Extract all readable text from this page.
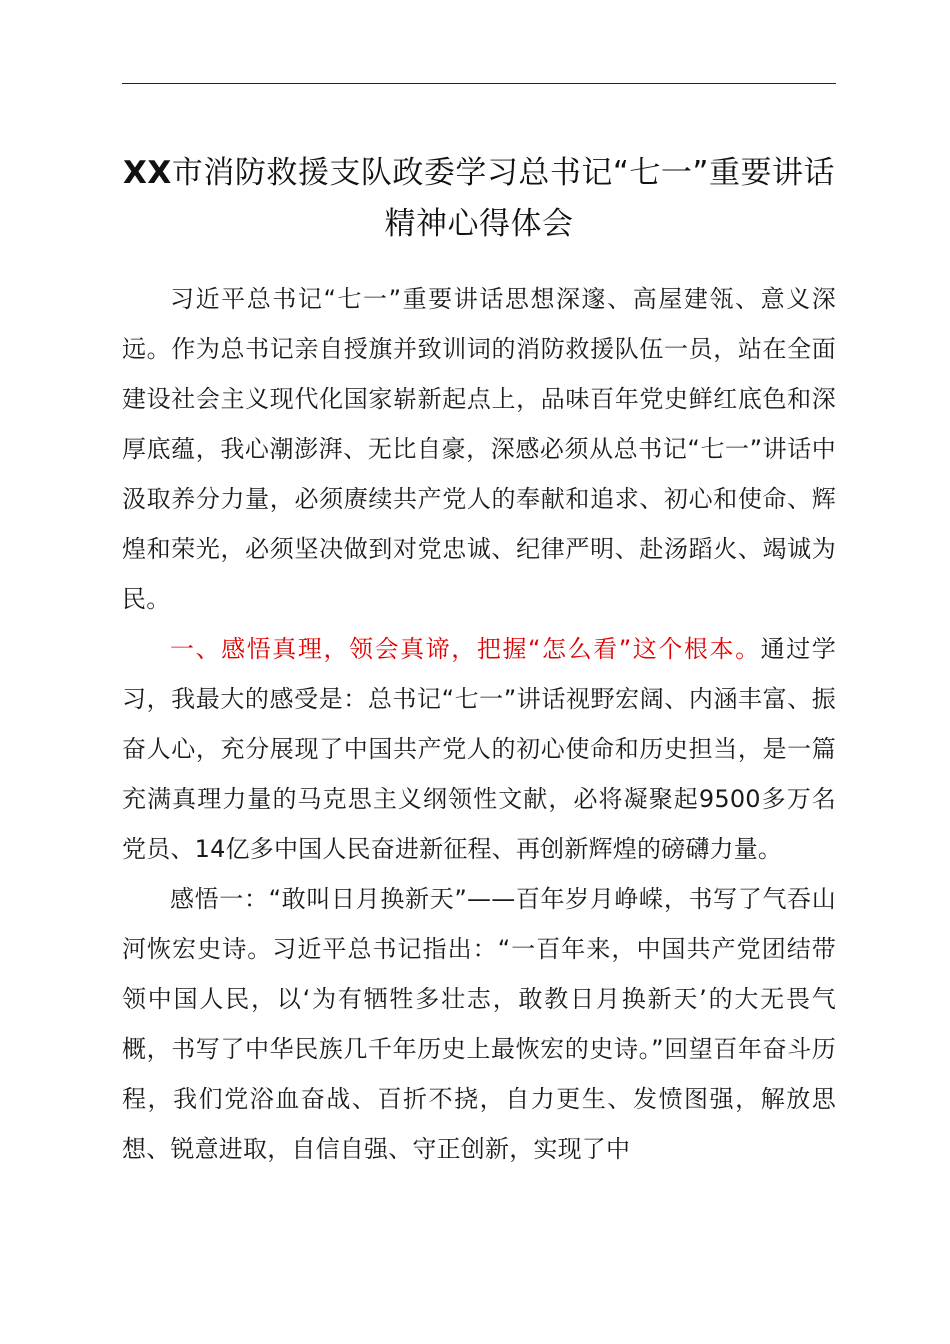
XX市消防救援支队政委学习总书记“七一”重要讲话精神心得体会

习近平总书记“七一”重要讲话思想深邃、高屋建瓴、意义深远。作为总书记亲自授旗并致训词的消防救援队伍一员，站在全面建设社会主义现代化国家崭新起点上，品味百年党史鲜红底色和深厚底蕴，我心潮澎湃、无比自豪，深感必须从总书记“七一”讲话中汲取养分力量，必须赓续共产党人的奉献和追求、初心和使命、辉煌和荣光，必须坚决做到对党忠诚、纪律严明、赴汤蹈火、竭诚为民。

一、感悟真理，领会真谛，把握“怎么看”这个根本。通过学习，我最大的感受是：总书记“七一”讲话视野宏阔、内涵丰富、振奋人心，充分展现了中国共产党人的初心使命和历史担当，是一篇充满真理力量的马克思主义纲领性文献，必将凝聚起9500多万名党员、14亿多中国人民奋进新征程、再创新辉煌的磅礴力量。

感悟一：“敢叫日月换新天”——百年岁月峥嵘，书写了气吞山河恢宏史诗。习近平总书记指出：“一百年来，中国共产党团结带领中国人民，以‘为有牺牲多壮志，敢教日月换新天’的大无畏气概，书写了中华民族几千年历史上最恢宏的史诗。”回望百年奋斗历程，我们党浴血奋战、百折不挠，自力更生、发愤图强，解放思想、锐意进取，自信自强、守正创新，实现了中
